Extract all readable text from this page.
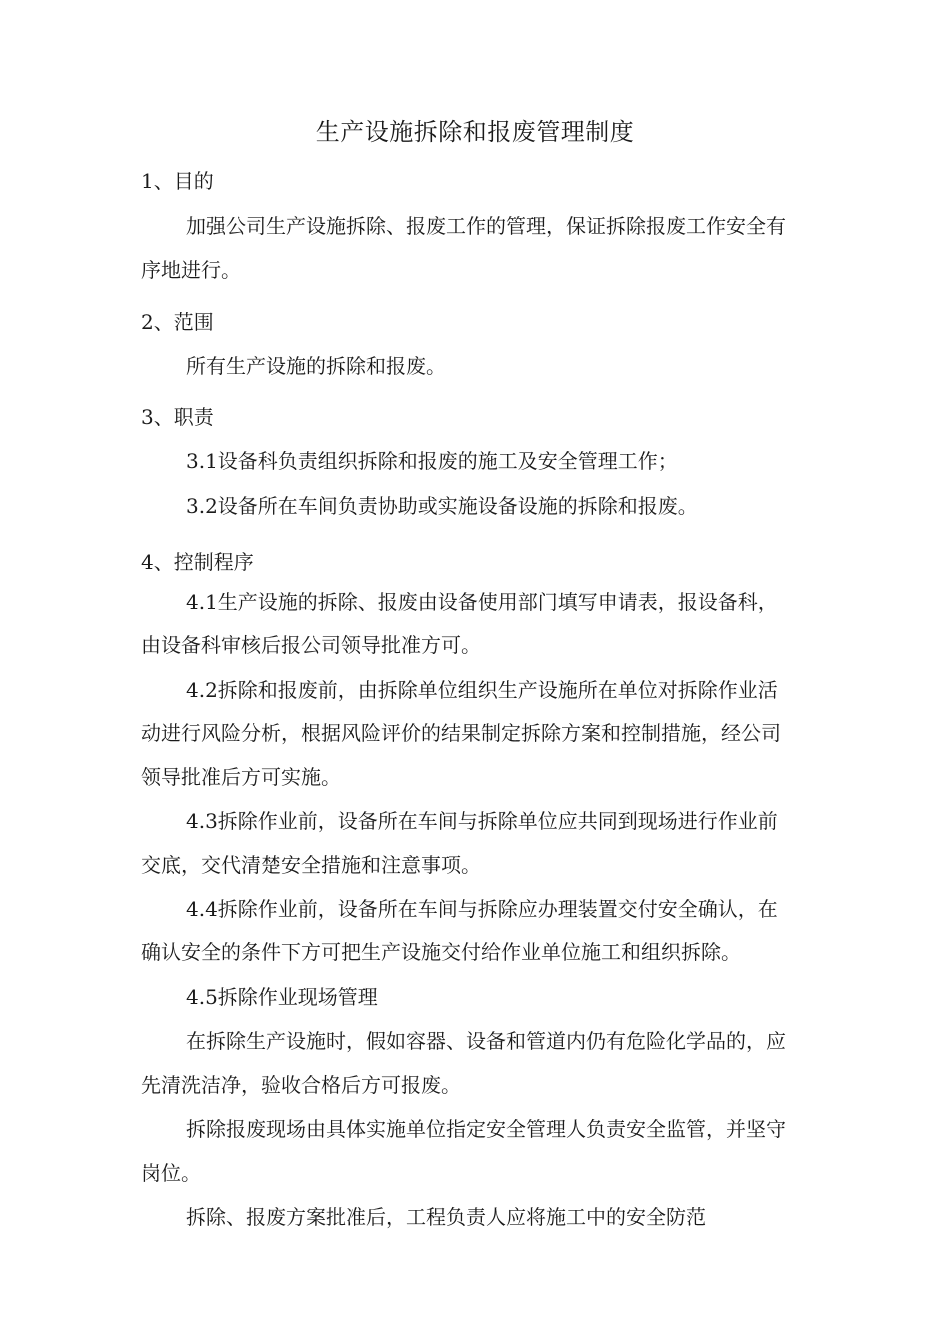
生产设施拆除和报废管理制度
1、目的
加强公司生产设施拆除、报废工作的管理，保证拆除报废工作安全有
序地进行。
2、范围
所有生产设施的拆除和报废。
3、职责
3.1设备科负责组织拆除和报废的施工及安全管理工作；
3.2设备所在车间负责协助或实施设备设施的拆除和报废。
4、控制程序
4.1生产设施的拆除、报废由设备使用部门填写申请表，报设备科，
由设备科审核后报公司领导批准方可。
4.2拆除和报废前，由拆除单位组织生产设施所在单位对拆除作业活
动进行风险分析，根据风险评价的结果制定拆除方案和控制措施，经公司
领导批准后方可实施。
4.3拆除作业前，设备所在车间与拆除单位应共同到现场进行作业前
交底，交代清楚安全措施和注意事项。
4.4拆除作业前，设备所在车间与拆除应办理装置交付安全确认，在
确认安全的条件下方可把生产设施交付给作业单位施工和组织拆除。
4.5拆除作业现场管理
在拆除生产设施时，假如容器、设备和管道内仍有危险化学品的，应
先清洗洁净，验收合格后方可报废。
拆除报废现场由具体实施单位指定安全管理人负责安全监管，并坚守
岗位。
拆除、报废方案批准后，工程负责人应将施工中的安全防范
